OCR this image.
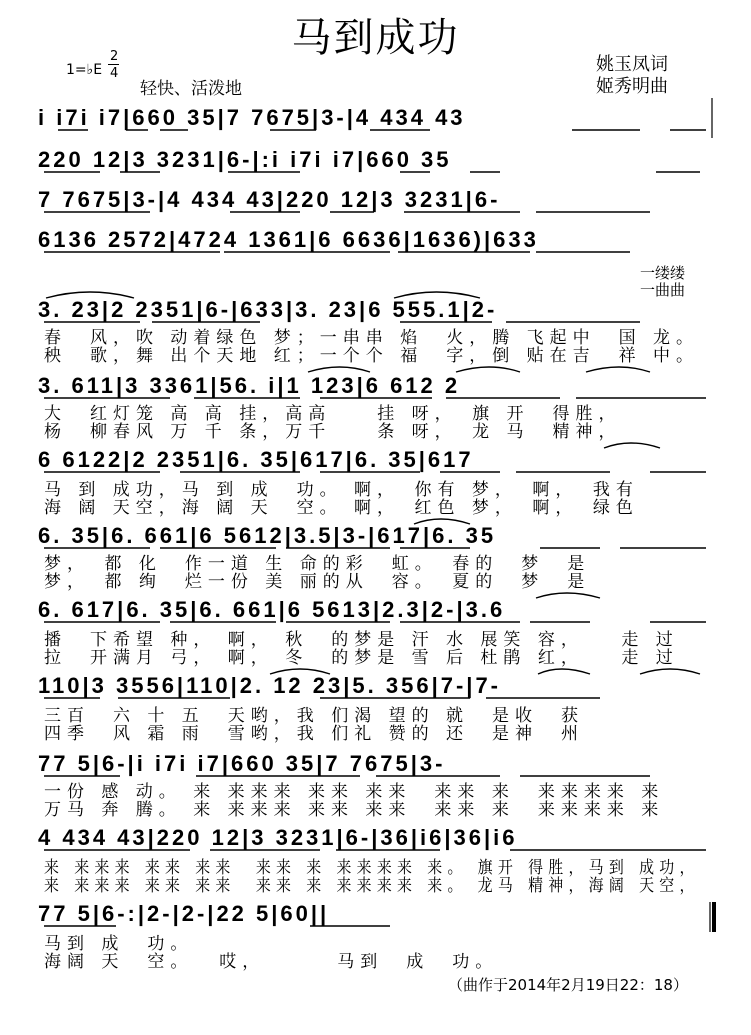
马到成功
姚玉凤词
姬秀明曲
1=♭E
2
4
轻快、活泼地
i i7i i7|660 35|7 7675|3-|4 434 43
220 12|3 3231|6-|:i i7i i7|660 35
7 7675|3-|4 434 43|220 12|3 3231|6-
6136 2572|4724 1361|6 6636|1636)|633
3. 23|2 2351|6-|633|3. 23|6 555.1|2-
3. 611|3 3361|56. i|1 123|6 612 2
6 6122|2 2351|6. 35|617|6. 35|617
6. 35|6. 661|6 5612|3.5|3-|617|6. 35
6. 617|6. 35|6. 661|6 5613|2.3|2-|3.6
110|3 3556|110|2. 12 23|5. 356|7-|7-
77 5|6-|i i7i i7|660 35|7 7675|3-
4 434 43|220 12|3 3231|6-|36|i6|36|i6
77 5|6-:|2-|2-|22 5|60||
一缕缕
一曲曲
春　风，吹 动着绿色 梦；一串串 焰　火，腾 飞起中　国 龙。
秧　歌，舞 出个天地 红；一个个 福　字，倒 贴在吉　祥 中。
大　红灯笼 高 高 挂，高高　　挂 呀，　旗 开　得胜，
杨　柳春风 万 千 条，万千　　条 呀，　龙 马　精神，
马 到 成功，马 到 成　功。 啊，　你有 梦，　啊，　我有
海 阔 天空，海 阔 天　空。 啊，　红色 梦，　啊，　绿色
梦，　都 化　作一道 生 命的彩　虹。　春的　梦　是
梦，　都 绚　烂一份 美 丽的从　容。　夏的　梦　是
播　下希望 种， 啊， 秋　的梦是 汗 水 展笑 容，　　走 过
拉　开满月 弓， 啊， 冬　的梦是 雪 后 杜鹃 红，　　走 过
三百　六 十 五　天哟，我 们渴 望的 就　是收　获
四季　风 霜 雨　雪哟，我 们礼 赞的 还　是神　州
一份 感 动。 来 来来来 来来 来来　来来 来　来来来来 来
万马 奔 腾。 来 来来来 来来 来来　来来 来　来来来来 来
来 来来来 来来 来来　来来 来 来来来来 来。 旗开 得胜，马到 成功，
来 来来来 来来 来来　来来 来 来来来来 来。 龙马 精神，海阔 天空，
马到 成　功。
海阔 天　空。　 哎，　　　 马到　成　功。
（曲作于2014年2月19日22：18）
